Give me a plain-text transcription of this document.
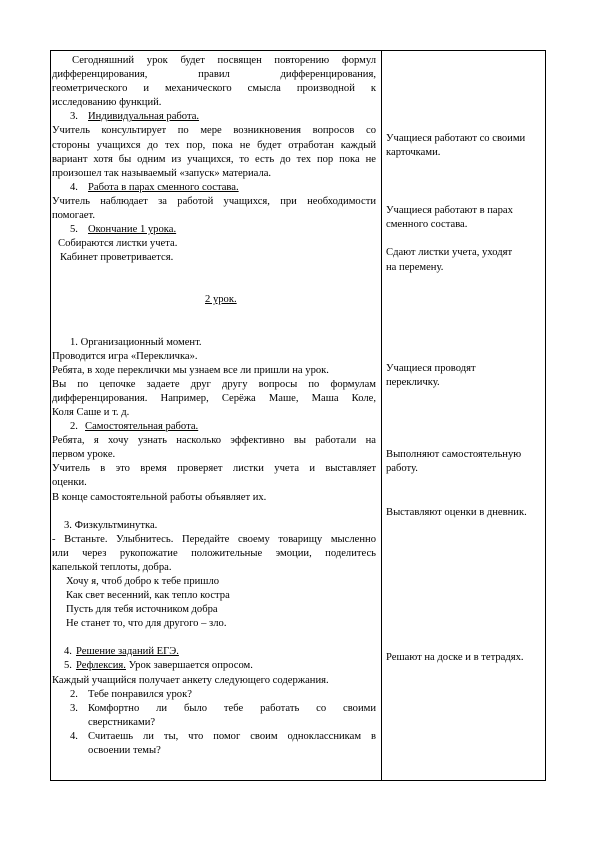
Сегодняшний урок будет посвящен повторению формул

дифференцирования, правил дифференцирования,

геометрического и механического смысла производной к

исследованию функций.

3. Индивидуальная работа.

Учитель консультирует по мере возникновения вопросов со

стороны учащихся до тех пор, пока не будет отработан каждый

вариант хотя бы одним из учащихся, то есть до тех пор пока не

произошел так называемый «запуск» материала.

4. Работа в парах сменного состава.

Учитель наблюдает за работой учащихся, при необходимости

помогает.

5. Окончание 1 урока.

Собираются листки учета.

Кабинет проветривается.

2 урок.

1. Организационный момент.

Проводится игра «Перекличка».

Ребята, в ходе переклички мы узнаем все ли пришли на урок.

Вы по цепочке задаете друг другу вопросы по формулам

дифференцирования. Например, Серёжа Маше, Маша Коле,

Коля Саше и т. д.

2. Самостоятельная работа.

Ребята, я хочу узнать насколько эффективно вы работали на

первом уроке.

Учитель в это время проверяет листки учета и выставляет

оценки.

В конце самостоятельной работы объявляет их.

3. Физкультминутка.

- Встаньте. Улыбнитесь. Передайте своему товарищу мысленно

или через рукопожатие положительные эмоции, поделитесь

капелькой теплоты, добра.

Хочу я, чтоб добро к тебе пришло

Как свет весенний, как тепло костра

Пусть для тебя источником добра

Не станет то, что для другого – зло.

4. Решение заданий ЕГЭ.

5. Рефлексия. Урок завершается опросом.

Каждый учащийся получает анкету следующего содержания.

2. Тебе понравился урок?

3. Комфортно ли было тебе работать со своими

сверстниками?

4. Считаешь ли ты, что помог своим одноклассникам в

освоении темы?

Учащиеся работают со своими

карточками.

Учащиеся работают в парах

сменного состава.

Сдают листки учета, уходят

на перемену.

Учащиеся проводят

перекличку.

Выполняют самостоятельную

работу.

Выставляют оценки в дневник.

Решают на доске и в тетрадях.
